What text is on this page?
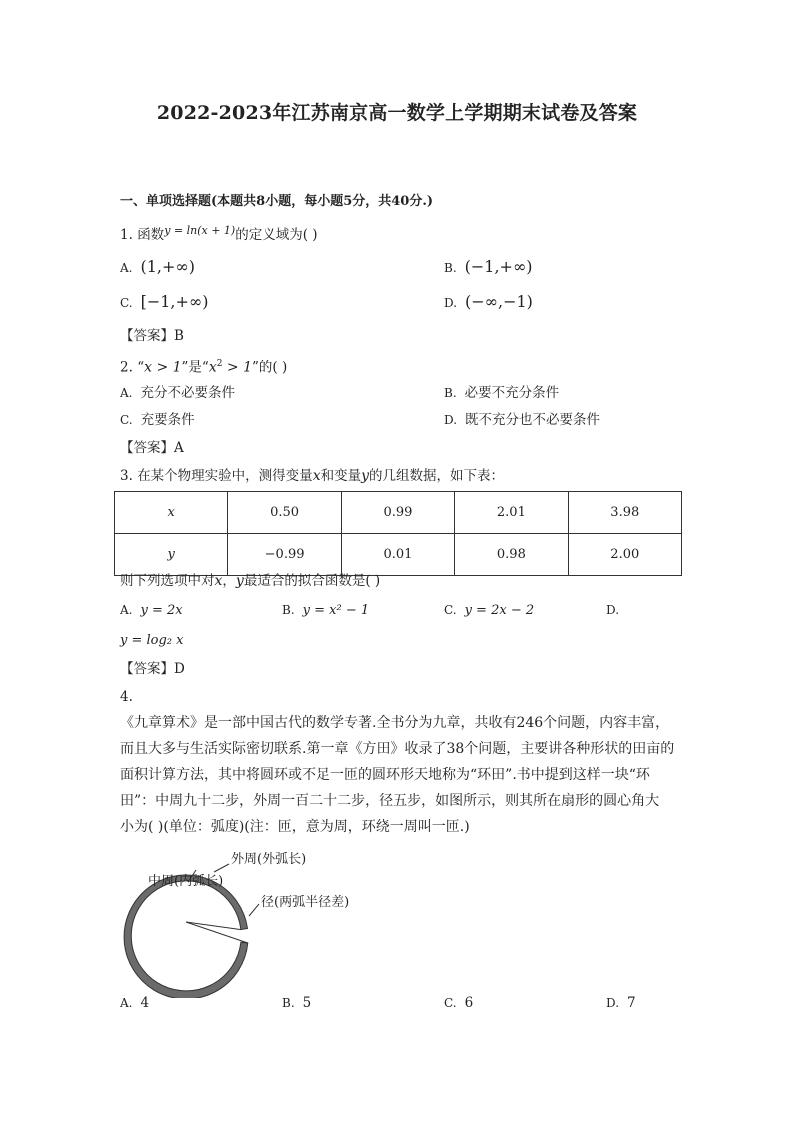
2022-2023年江苏南京高一数学上学期期末试卷及答案
一、单项选择题(本题共8小题，每小题5分，共40分.)
1. 函数$^{y = ln(x + 1)}$的定义域为( )
A. (1,+∞)	B. (−1,+∞)
C. [−1,+∞)	D. (−∞,−1)
【答案】B
2. “x > 1”是“$x^2 > 1$”的( )
A. 充分不必要条件	B. 必要不充分条件
C. 充要条件	D. 既不充分也不必要条件
【答案】A
3. 在某个物理实验中，测得变量x和变量y的几组数据，如下表：
x	0.50	0.99	2.01	3.98
y	−0.99	0.01	0.98	2.00
则下列选项中对x，y最适合的拟合函数是( )
A. y = 2x	B. y = x² − 1	C. y = 2x − 2	D.
y = log₂ x
【答案】D
4.
《九章算术》是一部中国古代的数学专著.全书分为九章，共收有246个问题，内容丰富，
而且大多与生活实际密切联系.第一章《方田》收录了38个问题，主要讲各种形状的田亩的
面积计算方法，其中将圆环或不足一匝的圆环形天地称为“环田”.书中提到这样一块“环
田”：中周九十二步，外周一百二十二步，径五步，如图所示，则其所在扇形的圆心角大
小为( )(单位：弧度)(注：匝，意为周，环绕一周叫一匝.)
外周(外弧长)
中周(内弧长)
径(两弧半径差)
A. 4	B. 5	C. 6	D. 7
